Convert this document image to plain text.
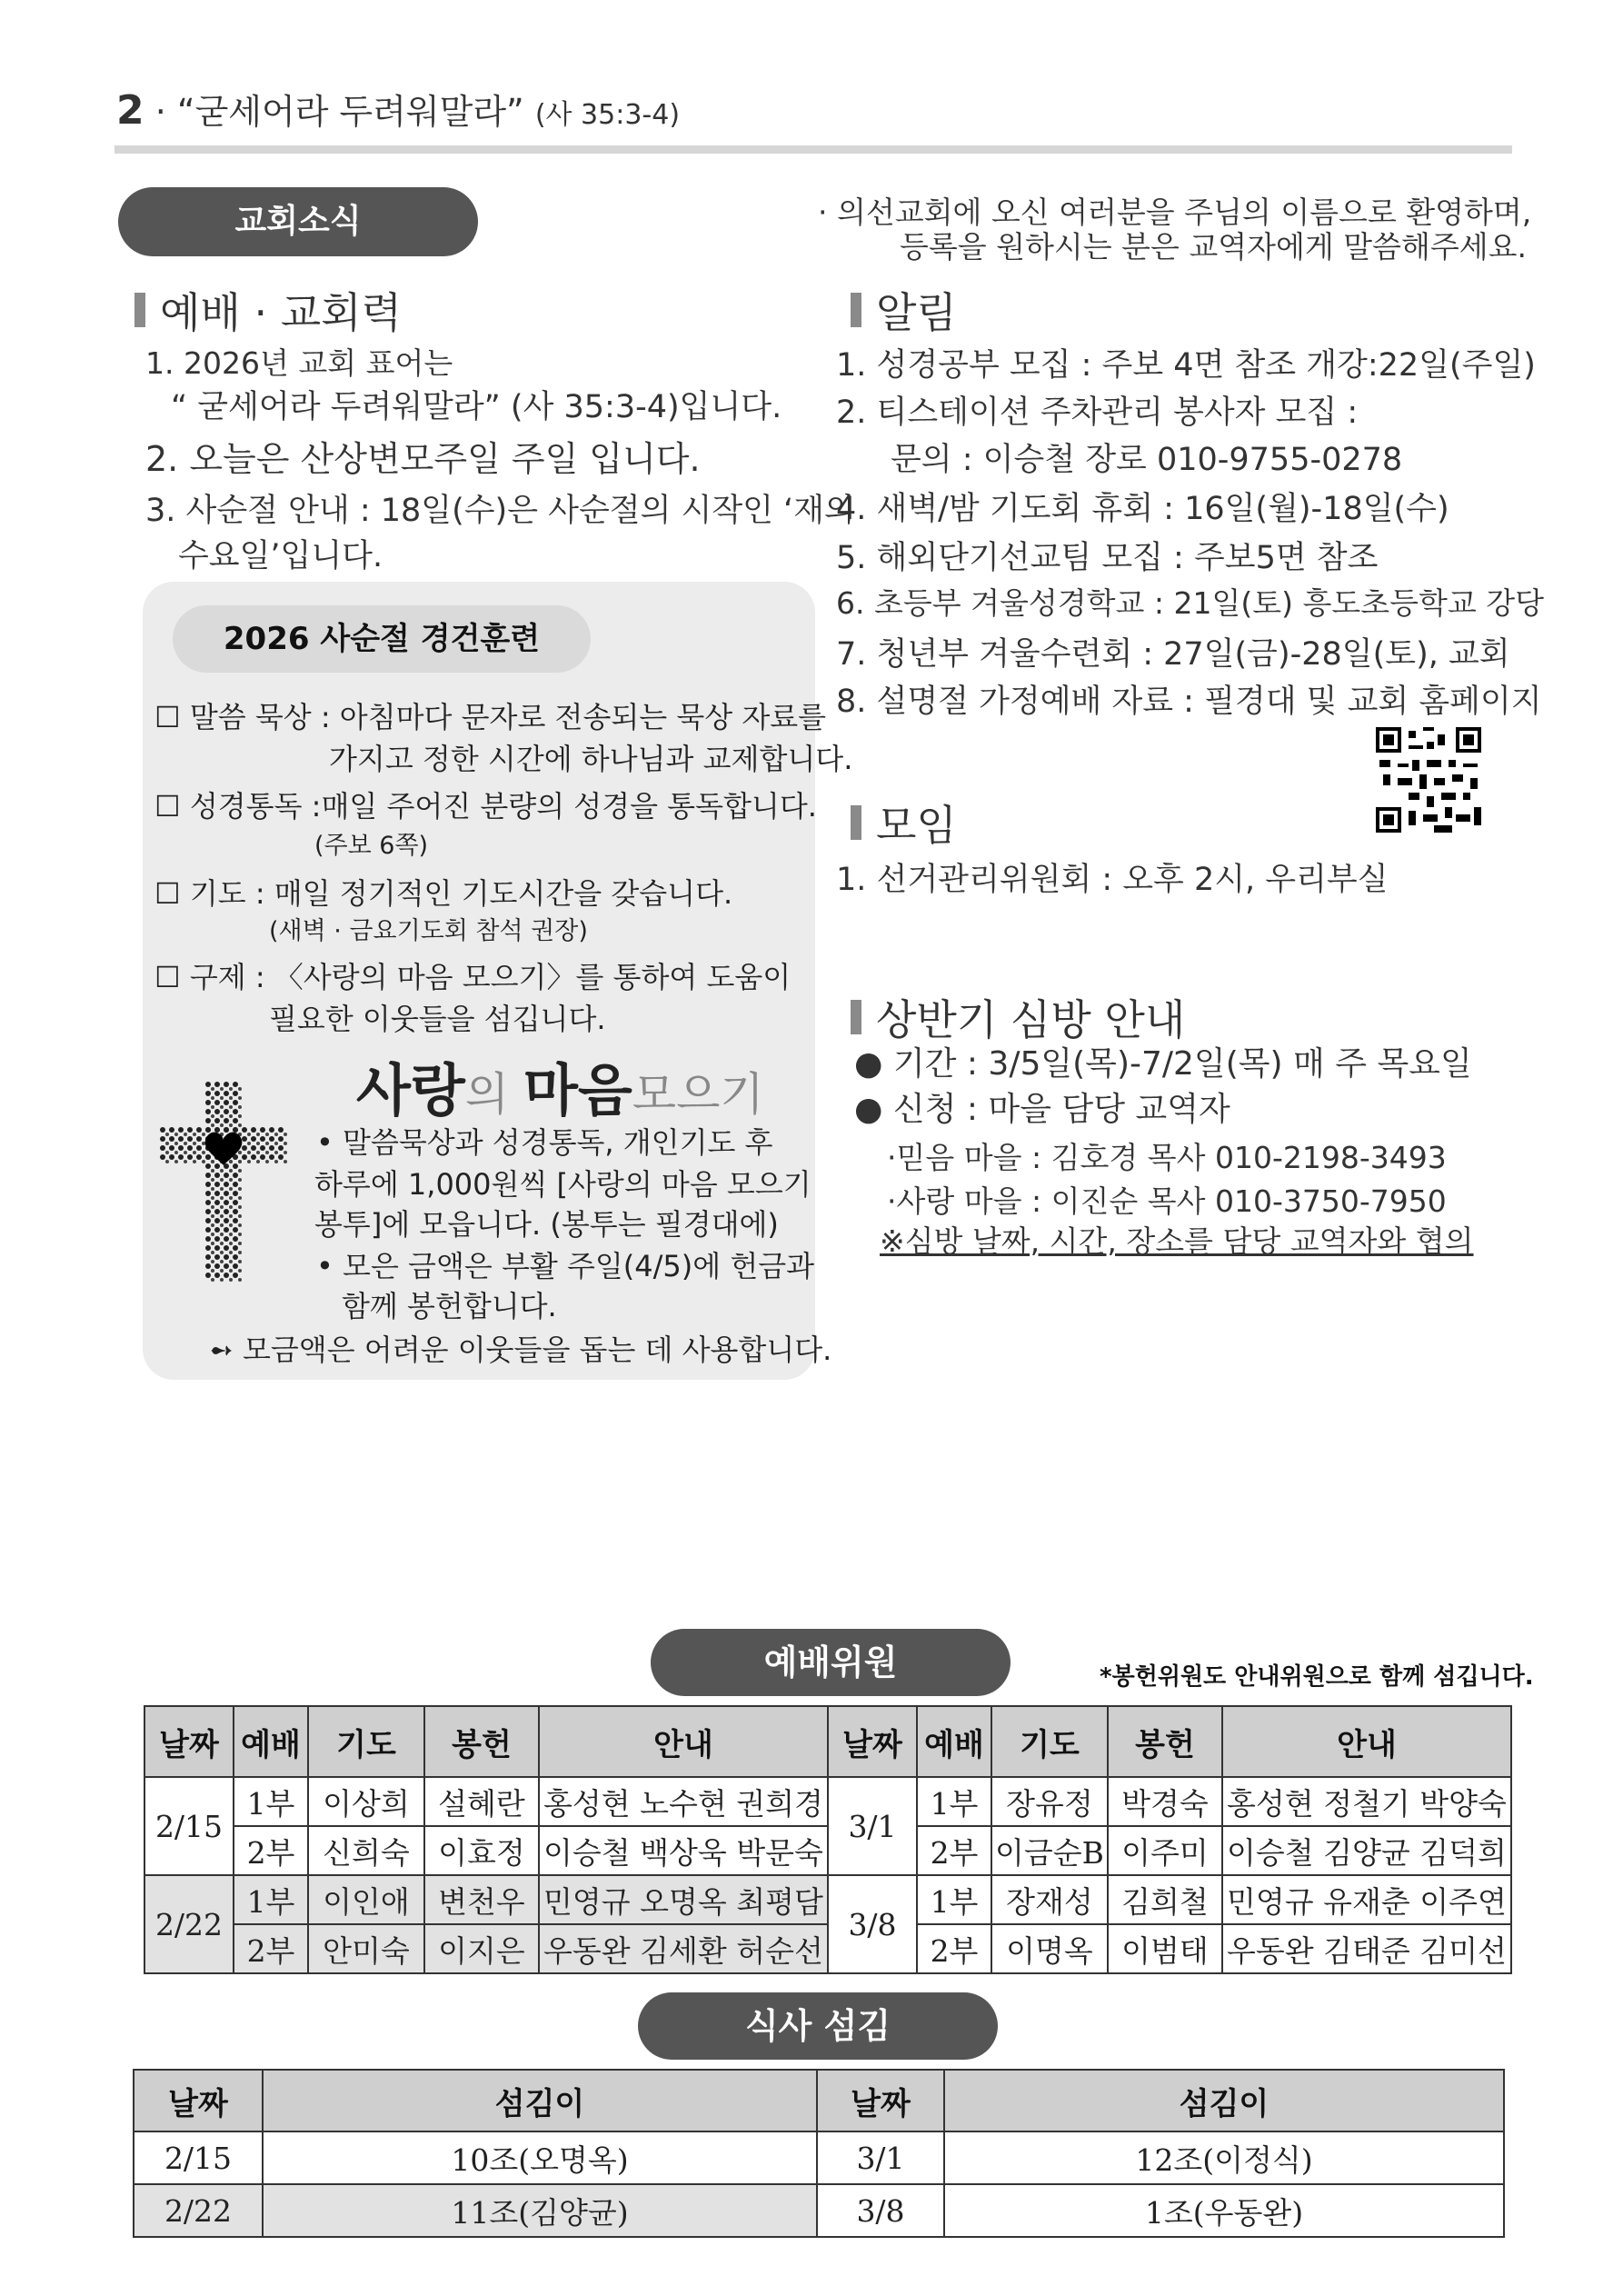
2 · “굳세어라 두려워말라” (사 35:3-4)
교회소식	· 의선교회에 오신 여러분을 주님의 이름으로 환영하며,
등록을 원하시는 분은 교역자에게 말씀해주세요.
예배 · 교회력
1. 2026년 교회 표어는
“ 굳세어라 두려워말라” (사 35:3-4)입니다.
2. 오늘은 산상변모주일 주일 입니다.
3. 사순절 안내 : 18일(수)은 사순절의 시작인 ‘재의
수요일’입니다.
2026 사순절 경건훈련
☐ 말씀 묵상 : 아침마다 문자로 전송되는 묵상 자료를
가지고 정한 시간에 하나님과 교제합니다.
☐ 성경통독 :매일 주어진 분량의 성경을 통독합니다.
(주보 6쪽)
☐ 기도 : 매일 정기적인 기도시간을 갖습니다.
(새벽 · 금요기도회 참석 권장)
☐ 구제 : 〈사랑의 마음 모으기〉를 통하여 도움이
필요한 이웃들을 섬깁니다.
사랑의 마음모으기
• 말씀묵상과 성경통독, 개인기도 후
하루에 1,000원씩 [사랑의 마음 모으기
봉투]에 모읍니다. (봉투는 필경대에)
• 모은 금액은 부활 주일(4/5)에 헌금과
함께 봉헌합니다.
➻ 모금액은 어려운 이웃들을 돕는 데 사용합니다.
알림
1. 성경공부 모집 : 주보 4면 참조 개강:22일(주일)
2. 티스테이션 주차관리 봉사자 모집 :
문의 : 이승철 장로 010-9755-0278
4. 새벽/밤 기도회 휴회 : 16일(월)-18일(수)
5. 해외단기선교팀 모집 : 주보5면 참조
6. 초등부 겨울성경학교 : 21일(토) 흥도초등학교 강당
7. 청년부 겨울수련회 : 27일(금)-28일(토), 교회
8. 설명절 가정예배 자료 : 필경대 및 교회 홈페이지
모임
1. 선거관리위원회 : 오후 2시, 우리부실
상반기 심방 안내
● 기간 : 3/5일(목)-7/2일(목) 매 주 목요일
● 신청 : 마을 담당 교역자
·믿음 마을 : 김호경 목사 010-2198-3493
·사랑 마을 : 이진순 목사 010-3750-7950
※심방 날짜, 시간, 장소를 담당 교역자와 협의
예배위원	*봉헌위원도 안내위원으로 함께 섬깁니다.
날짜	예배	기도	봉헌	안내	날짜	예배	기도	봉헌	안내
2/15	1부	이상희	설혜란	홍성현 노수현 권희경	3/1	1부	장유정	박경숙	홍성현 정철기 박양숙
	2부	신희숙	이효정	이승철 백상욱 박문숙		2부	이금순B	이주미	이승철 김양균 김덕희
2/22	1부	이인애	변천우	민영규 오명옥 최평담	3/8	1부	장재성	김희철	민영규 유재춘 이주연
	2부	안미숙	이지은	우동완 김세환 허순선		2부	이명옥	이범태	우동완 김태준 김미선
식사 섬김
날짜	섬김이	날짜	섬김이
2/15	10조(오명옥)	3/1	12조(이정식)
2/22	11조(김양균)	3/8	1조(우동완)
